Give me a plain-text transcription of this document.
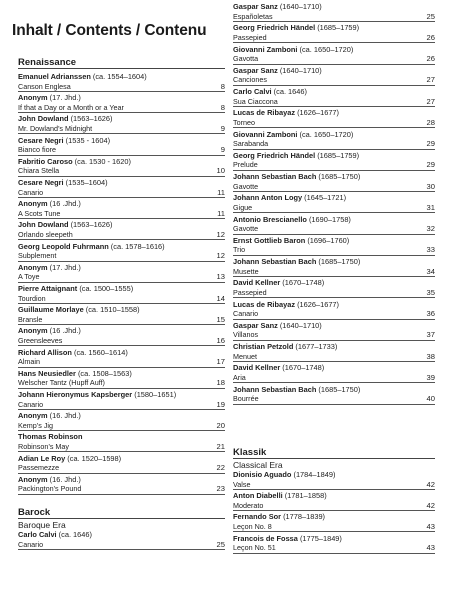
Inhalt / Contents / Contenu
Renaissance
Emanuel Adrianssen (ca. 1554–1604)
Canson Englesa	8
Anonym (17. Jhd.)
If that a Day or a Month or a Year	8
John Dowland (1563–1626)
Mr. Dowland’s Midnight	9
Cesare Negri (1535 - 1604)
Bianco fiore	9
Fabritio Caroso (ca. 1530 - 1620)
Chiara Stella	10
Cesare Negri (1535–1604)
Canario	11
Anonym (16 .Jhd.)
A Scots Tune	11
John Dowland (1563–1626)
Orlando sleepeth	12
Georg Leopold Fuhrmann (ca. 1578–1616)
Subplement	12
Anonym (17. Jhd.)
A Toye	13
Pierre Attaignant (ca. 1500–1555)
Tourdion	14
Guillaume Morlaye (ca. 1510–1558)
Bransle	15
Anonym (16 .Jhd.)
Greensleeves	16
Richard Allison (ca. 1560–1614)
Almain	17
Hans Neusiedler (ca. 1508–1563)
Welscher Tantz (Hupff Auff)	18
Johann Hieronymus Kapsberger (1580–1651)
Canario	19
Anonym (16. Jhd.)
Kemp’s Jig	20
Thomas Robinson
Robinson’s May	21
Adian Le Roy (ca. 1520–1598)
Passemezze	22
Anonym (16. Jhd.)
Packington’s Pound	23
Barock
Baroque Era
Carlo Calvi (ca. 1646)
Canario	25
Gaspar Sanz (1640–1710)
Españoletas	25
Georg Friedrich Händel (1685–1759)
Passepied	26
Giovanni Zamboni (ca. 1650–1720)
Gavotta	26
Gaspar Sanz (1640–1710)
Canciones	27
Carlo Calvi (ca. 1646)
Sua Ciaccona	27
Lucas de Ribayaz (1626–1677)
Torneo	28
Giovanni Zamboni (ca. 1650–1720)
Sarabanda	29
Georg Friedrich Händel (1685–1759)
Prelude	29
Johann Sebastian Bach (1685–1750)
Gavotte	30
Johann Anton Logy (1645–1721)
Gigue	31
Antonio Brescianello (1690–1758)
Gavotte	32
Ernst Gottlieb Baron (1696–1760)
Trio	33
Johann Sebastian Bach (1685–1750)
Musette	34
David Kellner (1670–1748)
Passepied	35
Lucas de Ribayaz (1626–1677)
Canario	36
Gaspar Sanz (1640–1710)
Villanos	37
Christian Petzold (1677–1733)
Menuet	38
David Kellner (1670–1748)
Aria	39
Johann Sebastian Bach (1685–1750)
Bourrée	40
Klassik
Classical Era
Dionisio Aguado (1784–1849)
Valse	42
Anton Diabelli (1781–1858)
Moderato	42
Fernando Sor (1778–1839)
Leçon No. 8	43
Francois de Fossa (1775–1849)
Leçon No. 51	43
